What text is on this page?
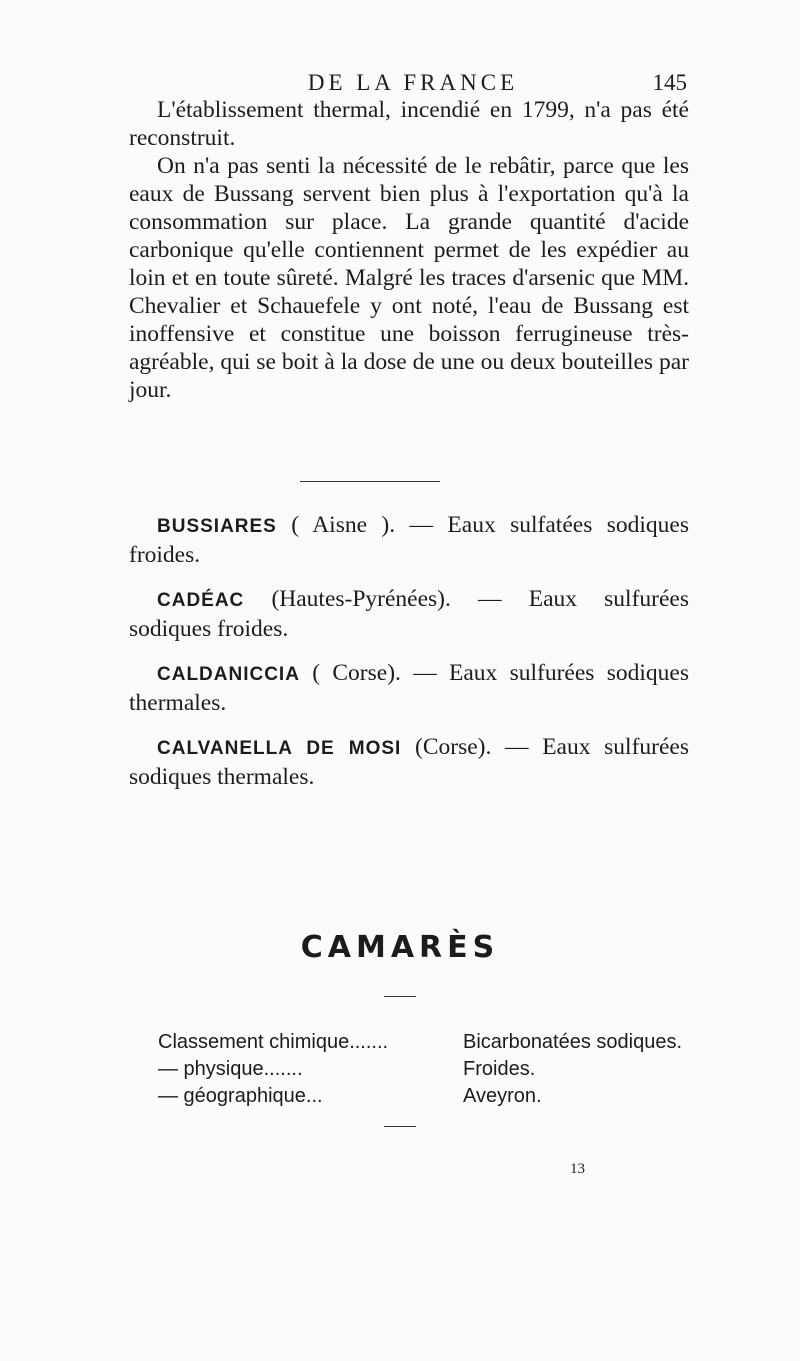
DE LA FRANCE	145

L'établissement thermal, incendié en 1799, n'a pas été reconstruit.

On n'a pas senti la nécessité de le rebâtir, parce que les eaux de Bussang servent bien plus à l'exportation qu'à la consommation sur place. La grande quantité d'acide carbonique qu'elle contiennent permet de les expédier au loin et en toute sûreté. Malgré les traces d'arsenic que MM. Chevalier et Schauefele y ont noté, l'eau de Bussang est inoffensive et constitue une boisson ferrugineuse très-agréable, qui se boit à la dose de une ou deux bouteilles par jour.

BUSSIARES ( Aisne ). — Eaux sulfatées sodiques froides.

CADÉAC (Hautes-Pyrénées). — Eaux sulfurées sodiques froides.

CALDANICCIA ( Corse). — Eaux sulfurées sodiques thermales.

CALVANELLA DE MOSI (Corse). — Eaux sulfurées sodiques thermales.

CAMARÈS
Classement chimique.......	Bicarbonatées sodiques.
— physique.......	Froides.
— géographique...	Aveyron.
13
